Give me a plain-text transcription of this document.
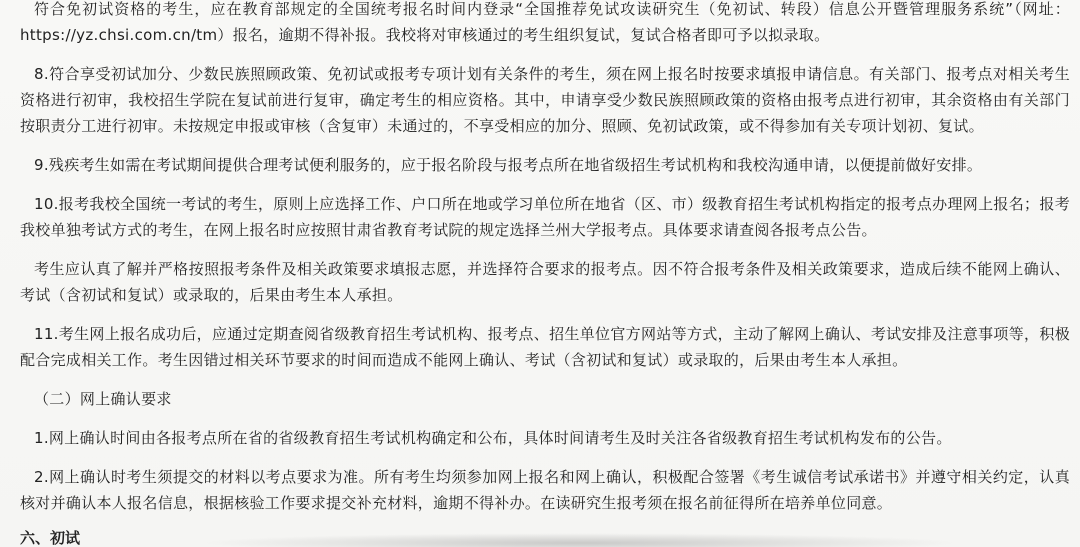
符合免初试资格的考生，应在教育部规定的全国统考报名时间内登录“全国推荐免试攻读研究生（免初试、转段）信息公开暨管理服务系统”（网址：https://yz.chsi.com.cn/tm）报名，逾期不得补报。我校将对审核通过的考生组织复试，复试合格者即可予以拟录取。

8.符合享受初试加分、少数民族照顾政策、免初试或报考专项计划有关条件的考生，须在网上报名时按要求填报申请信息。有关部门、报考点对相关考生资格进行初审，我校招生学院在复试前进行复审，确定考生的相应资格。其中，申请享受少数民族照顾政策的资格由报考点进行初审，其余资格由有关部门按职责分工进行初审。未按规定申报或审核（含复审）未通过的，不享受相应的加分、照顾、免初试政策，或不得参加有关专项计划初、复试。

9.残疾考生如需在考试期间提供合理考试便利服务的，应于报名阶段与报考点所在地省级招生考试机构和我校沟通申请，以便提前做好安排。

10.报考我校全国统一考试的考生，原则上应选择工作、户口所在地或学习单位所在地省（区、市）级教育招生考试机构指定的报考点办理网上报名；报考我校单独考试方式的考生，在网上报名时应按照甘肃省教育考试院的规定选择兰州大学报考点。具体要求请查阅各报考点公告。

考生应认真了解并严格按照报考条件及相关政策要求填报志愿，并选择符合要求的报考点。因不符合报考条件及相关政策要求，造成后续不能网上确认、考试（含初试和复试）或录取的，后果由考生本人承担。

11.考生网上报名成功后，应通过定期查阅省级教育招生考试机构、报考点、招生单位官方网站等方式，主动了解网上确认、考试安排及注意事项等，积极配合完成相关工作。考生因错过相关环节要求的时间而造成不能网上确认、考试（含初试和复试）或录取的，后果由考生本人承担。

（二）网上确认要求

1.网上确认时间由各报考点所在省的省级教育招生考试机构确定和公布，具体时间请考生及时关注各省级教育招生考试机构发布的公告。

2.网上确认时考生须提交的材料以考点要求为准。所有考生均须参加网上报名和网上确认，积极配合签署《考生诚信考试承诺书》并遵守相关约定，认真核对并确认本人报名信息，根据核验工作要求提交补充材料，逾期不得补办。在读研究生报考须在报名前征得所在培养单位同意。

六、初试
